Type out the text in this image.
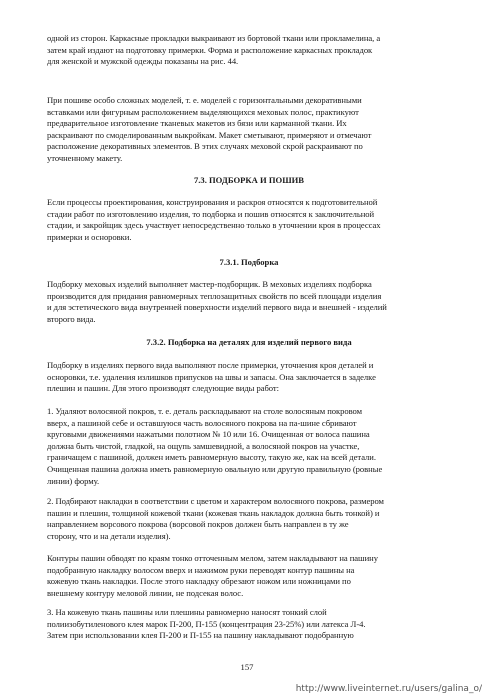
одной из сторон. Каркасные прокладки выкраивают из бортовой ткани или прокламелина, а
затем край издают на подготовку примерки. Форма и расположение каркасных прокладок
для женской и мужской одежды показаны на рис. 44.
При пошиве особо сложных моделей, т. е. моделей с горизонтальными декоративными
вставками или фигурным расположением выделяющихся меховых полос, практикуют
предварительное изготовление тканевых макетов из бязи или карманной ткани. Их
раскраивают по смоделированным выкройкам. Макет сметывают, примеряют и отмечают
расположение декоративных элементов. В этих случаях меховой скрой раскраивают по
уточненному макету.
7.3. ПОДБОРКА И ПОШИВ
Если процессы проектирования, конструирования и раскроя относятся к подготовительной
стадии работ по изготовлению изделия, то подборка и пошив относятся к заключительной
стадии, и закройщик здесь участвует непосредственно только в уточнении кроя в процессах
примерки и осноровки.
7.3.1. Подборка
Подборку меховых изделий выполняет мастер-подборщик. В меховых изделиях подборка
производится для придания равномерных теплозащитных свойств по всей площади изделия
и для эстетического вида внутренней поверхности изделий первого вида и внешней - изделий
второго вида.
7.3.2. Подборка на деталях для изделий первого вида
Подборку в изделиях первого вида выполняют после примерки, уточнения кроя деталей и
осноровки, т.е. удаления излишков припусков на швы и запасы. Она заключается в заделке
плешин и пашин. Для этого производят следующие виды работ:
1. Удаляют волосяной покров, т. е. деталь раскладывают на столе волосяным покровом
вверх, а пашиной себе и оставшуюся часть волосяного покрова на па-шине сбривают
круговыми движениями нажатыми полотном № 10 или 16. Очищенная от волоса пашина
должна быть чистой, гладкой, на ощупь замшевидной, а волосяной покров на участке,
граничащем с пашиной, должен иметь равномерную высоту, такую же, как на всей детали.
Очищенная пашина должна иметь равномерную овальную или другую правильную (ровные
линии) форму.
2. Подбирают накладки в соответствии с цветом и характером волосяного покрова, размером
пашин и плешин, толщиной кожевой ткани (кожевая ткань накладок должна быть тонкой) и
направлением ворсового покрова (ворсовой покров должен быть направлен в ту же
сторону, что и на детали изделия).
Контуры пашин обводят по краям тонко отточенным мелом, затем накладывают на пашину
подобранную накладку волосом вверх и нажимом руки переводят контур пашины на
кожевую ткань накладки. После этого накладку обрезают ножом или ножницами по
внешнему контуру меловой линии, не подсекая волос.
3. На кожевую ткань пашины или плешины равномерно наносят тонкий слой
полиизобутиленового клея марок П-200, П-155 (концентрация 23-25%) или латекса Л-4.
Затем при использовании клея П-200 и П-155 на пашину накладывают подобранную
157
http://www.liveinternet.ru/users/galina_o/
